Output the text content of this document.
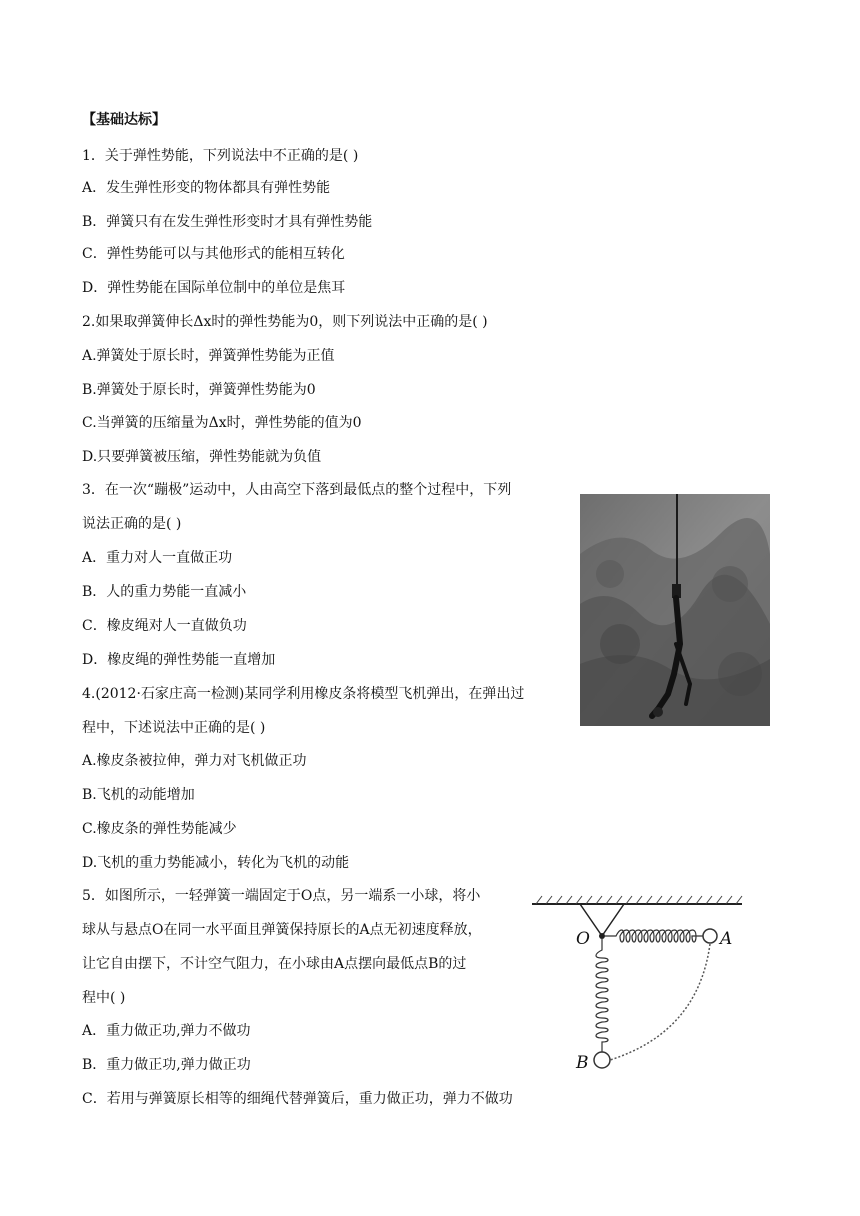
【基础达标】
1．关于弹性势能，下列说法中不正确的是( )
A．发生弹性形变的物体都具有弹性势能
B．弹簧只有在发生弹性形变时才具有弹性势能
C．弹性势能可以与其他形式的能相互转化
D．弹性势能在国际单位制中的单位是焦耳
2.如果取弹簧伸长Δx时的弹性势能为0，则下列说法中正确的是( )
A.弹簧处于原长时，弹簧弹性势能为正值
B.弹簧处于原长时，弹簧弹性势能为0
C.当弹簧的压缩量为Δx时，弹性势能的值为0
D.只要弹簧被压缩，弹性势能就为负值
3．在一次“蹦极”运动中，人由高空下落到最低点的整个过程中，下列
说法正确的是( )
A．重力对人一直做正功
B．人的重力势能一直减小
C．橡皮绳对人一直做负功
D．橡皮绳的弹性势能一直增加
4.(2012·石家庄高一检测)某同学利用橡皮条将模型飞机弹出，在弹出过
程中，下述说法中正确的是( )
A.橡皮条被拉伸，弹力对飞机做正功
B.飞机的动能增加
C.橡皮条的弹性势能减少
D.飞机的重力势能减小，转化为飞机的动能
5．如图所示，一轻弹簧一端固定于O点，另一端系一小球，将小
球从与悬点O在同一水平面且弹簧保持原长的A点无初速度释放，
让它自由摆下，不计空气阻力，在小球由A点摆向最低点B的过
程中( )
A．重力做正功,弹力不做功
B．重力做正功,弹力做正功
C．若用与弹簧原长相等的细绳代替弹簧后，重力做正功，弹力不做功
O	A
B
